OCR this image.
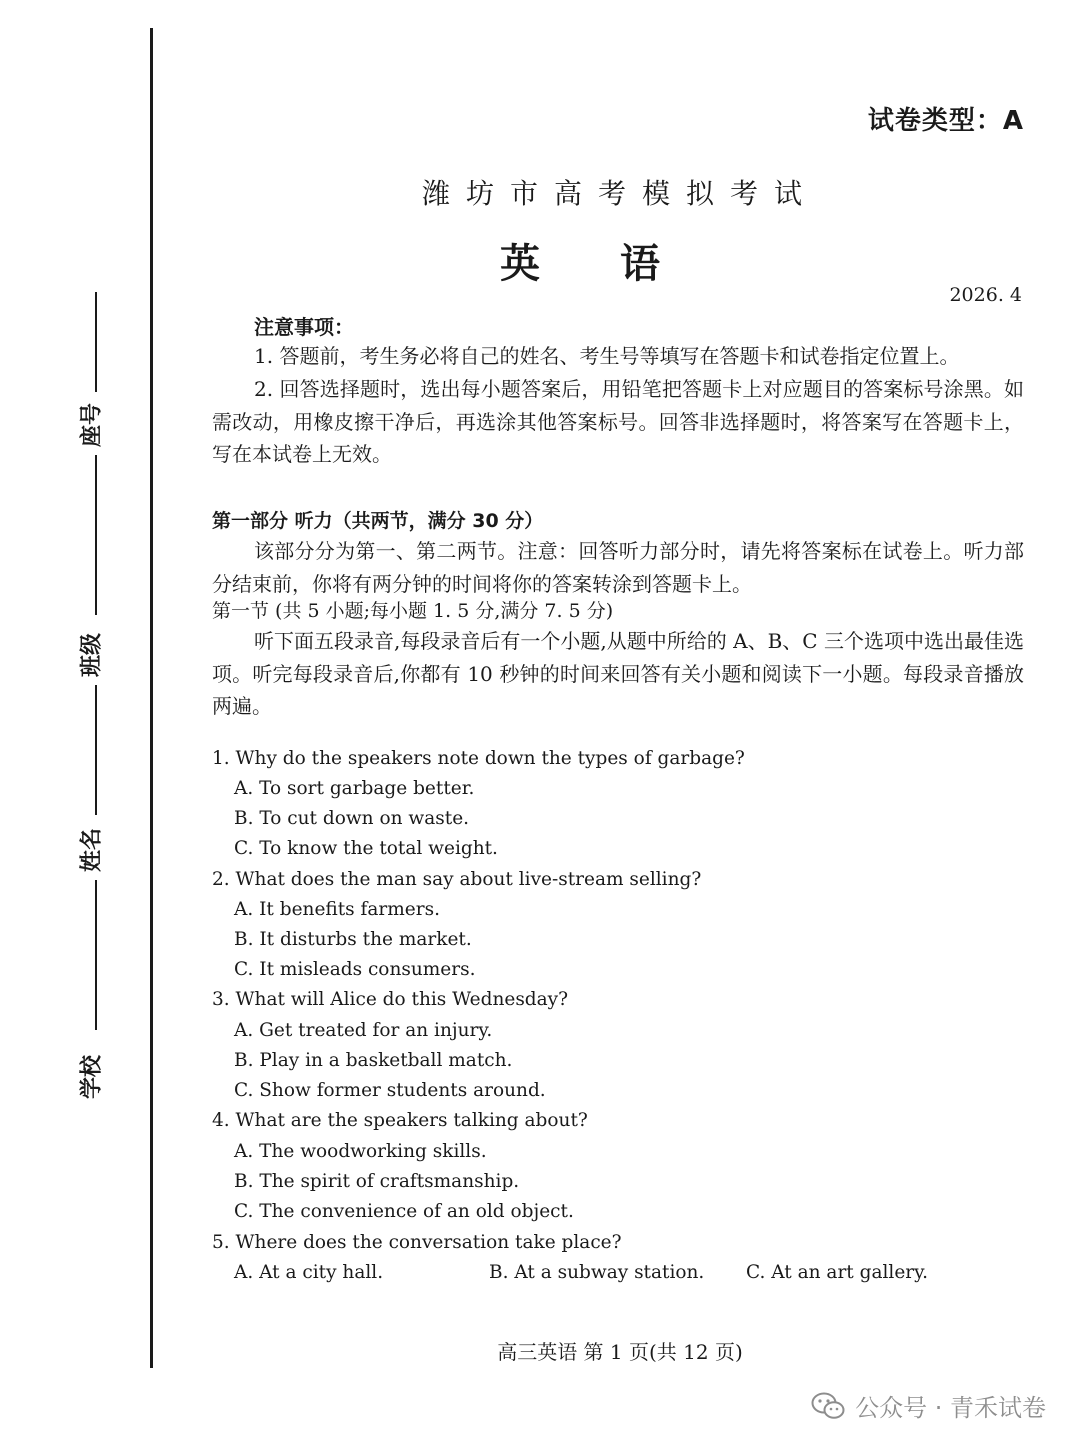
座号
班级
姓名
学校
试卷类型：A
潍坊市高考模拟考试
英语
2026. 4
注意事项：

1. 答题前，考生务必将自己的姓名、考生号等填写在答题卡和试卷指定位置上。

2. 回答选择题时，选出每小题答案后，用铅笔把答题卡上对应题目的答案标号涂黑。如需改动，用橡皮擦干净后，再选涂其他答案标号。回答非选择题时，将答案写在答题卡上，写在本试卷上无效。

第一部分 听力（共两节，满分 30 分）

该部分分为第一、第二两节。注意：回答听力部分时，请先将答案标在试卷上。听力部分结束前，你将有两分钟的时间将你的答案转涂到答题卡上。

第一节 (共 5 小题;每小题 1. 5 分,满分 7. 5 分)

听下面五段录音,每段录音后有一个小题,从题中所给的 A、B、C 三个选项中选出最佳选项。听完每段录音后,你都有 10 秒钟的时间来回答有关小题和阅读下一小题。每段录音播放两遍。

1. Why do the speakers note down the types of garbage?
A. To sort garbage better.
B. To cut down on waste.
C. To know the total weight.
2. What does the man say about live-stream selling?
A. It benefits farmers.
B. It disturbs the market.
C. It misleads consumers.
3. What will Alice do this Wednesday?
A. Get treated for an injury.
B. Play in a basketball match.
C. Show former students around.
4. What are the speakers talking about?
A. The woodworking skills.
B. The spirit of craftsmanship.
C. The convenience of an old object.
5. Where does the conversation take place?
A. At a city hall.	B. At a subway station. C. At an art gallery.
高三英语 第 1 页(共 12 页)
公众号 · 青禾试卷
